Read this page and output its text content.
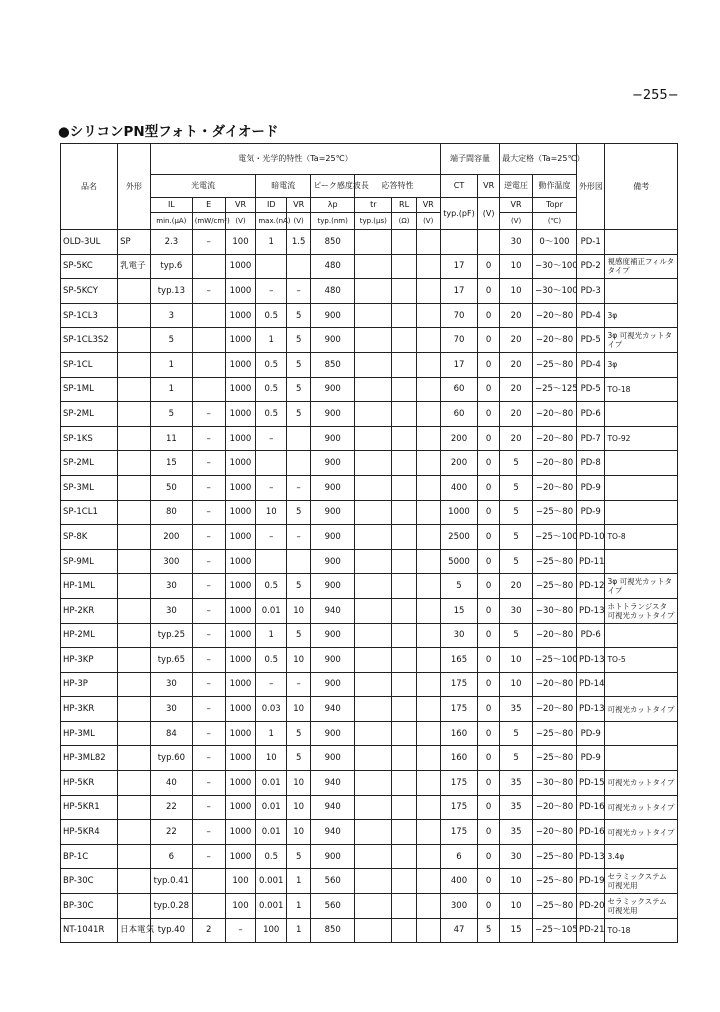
−255−
●シリコンPN型フォト・ダイオード
品名	外形	電気・光学的特性（Ta=25℃）									端子間容量		最大定格（Ta=25℃）		外形図	備考
		光電流			暗電流		ピーク感度波長	応答特性			CT	VR	逆電圧	動作温度		
		IL	E	VR	ID	VR	λp	tr	RL	VR	typ.(pF)	(V)	VR	Topr		
		min.(μA)	(mW/cm²)	(V)	max.(nA)	(V)	typ.(nm)	typ.(μs)	(Ω)	(V)			(V)	(℃)		
OLD-3UL	SP	2.3	–	100	1	1.5	850						30	0～100	PD-1	
SP-5KC	乳電子	typ.6		1000			480				17	0	10	−30～100	PD-2	視感度補正フィルタタイプ
SP-5KCY		typ.13	–	1000	–	–	480				17	0	10	−30～100	PD-3	
SP-1CL3		3		1000	0.5	5	900				70	0	20	−20～80	PD-4	3φ
SP-1CL3S2		5		1000	1	5	900				70	0	20	−20～80	PD-5	3φ 可視光カットタイプ
SP-1CL		1		1000	0.5	5	850				17	0	20	−25～80	PD-4	3φ
SP-1ML		1		1000	0.5	5	900				60	0	20	−25～125	PD-5	TO-18
SP-2ML		5	–	1000	0.5	5	900				60	0	20	−20～80	PD-6	
SP-1KS		11	–	1000	–		900				200	0	20	−20～80	PD-7	TO-92
SP-2ML		15	–	1000			900				200	0	5	−20～80	PD-8	
SP-3ML		50	–	1000	–	–	900				400	0	5	−20～80	PD-9	
SP-1CL1		80	–	1000	10	5	900				1000	0	5	−25～80	PD-9	
SP-8K		200	–	1000	–	–	900				2500	0	5	−25～100	PD-10	TO-8
SP-9ML		300	–	1000			900				5000	0	5	−25～80	PD-11	
HP-1ML		30	–	1000	0.5	5	900				5	0	20	−25～80	PD-12	3φ 可視光カットタイプ
HP-2KR		30	–	1000	0.01	10	940				15	0	30	−30～80	PD-13	ホトトランジスタ 可視光カットタイプ
HP-2ML		typ.25	–	1000	1	5	900				30	0	5	−20～80	PD-6	
HP-3KP		typ.65	–	1000	0.5	10	900				165	0	10	−25～100	PD-13	TO-5
HP-3P		30	–	1000	–	–	900				175	0	10	−20～80	PD-14	
HP-3KR		30	–	1000	0.03	10	940				175	0	35	−20～80	PD-13	可視光カットタイプ
HP-3ML		84	–	1000	1	5	900				160	0	5	−25～80	PD-9	
HP-3ML82		typ.60	–	1000	10	5	900				160	0	5	−25～80	PD-9	
HP-5KR		40	–	1000	0.01	10	940				175	0	35	−30～80	PD-15	可視光カットタイプ
HP-5KR1		22	–	1000	0.01	10	940				175	0	35	−20～80	PD-16	可視光カットタイプ
HP-5KR4		22	–	1000	0.01	10	940				175	0	35	−20～80	PD-16	可視光カットタイプ
BP-1C		6	–	1000	0.5	5	900				6	0	30	−25～80	PD-13	3.4φ
BP-30C		typ.0.41		100	0.001	1	560				400	0	10	−25～80	PD-19	セラミックステム 可視光用
BP-30C		typ.0.28		100	0.001	1	560				300	0	10	−25～80	PD-20	セラミックステム 可視光用
NT-1041R	日本電気	typ.40	2	–	100	1	850				47	5	15	−25～105	PD-21	TO-18
